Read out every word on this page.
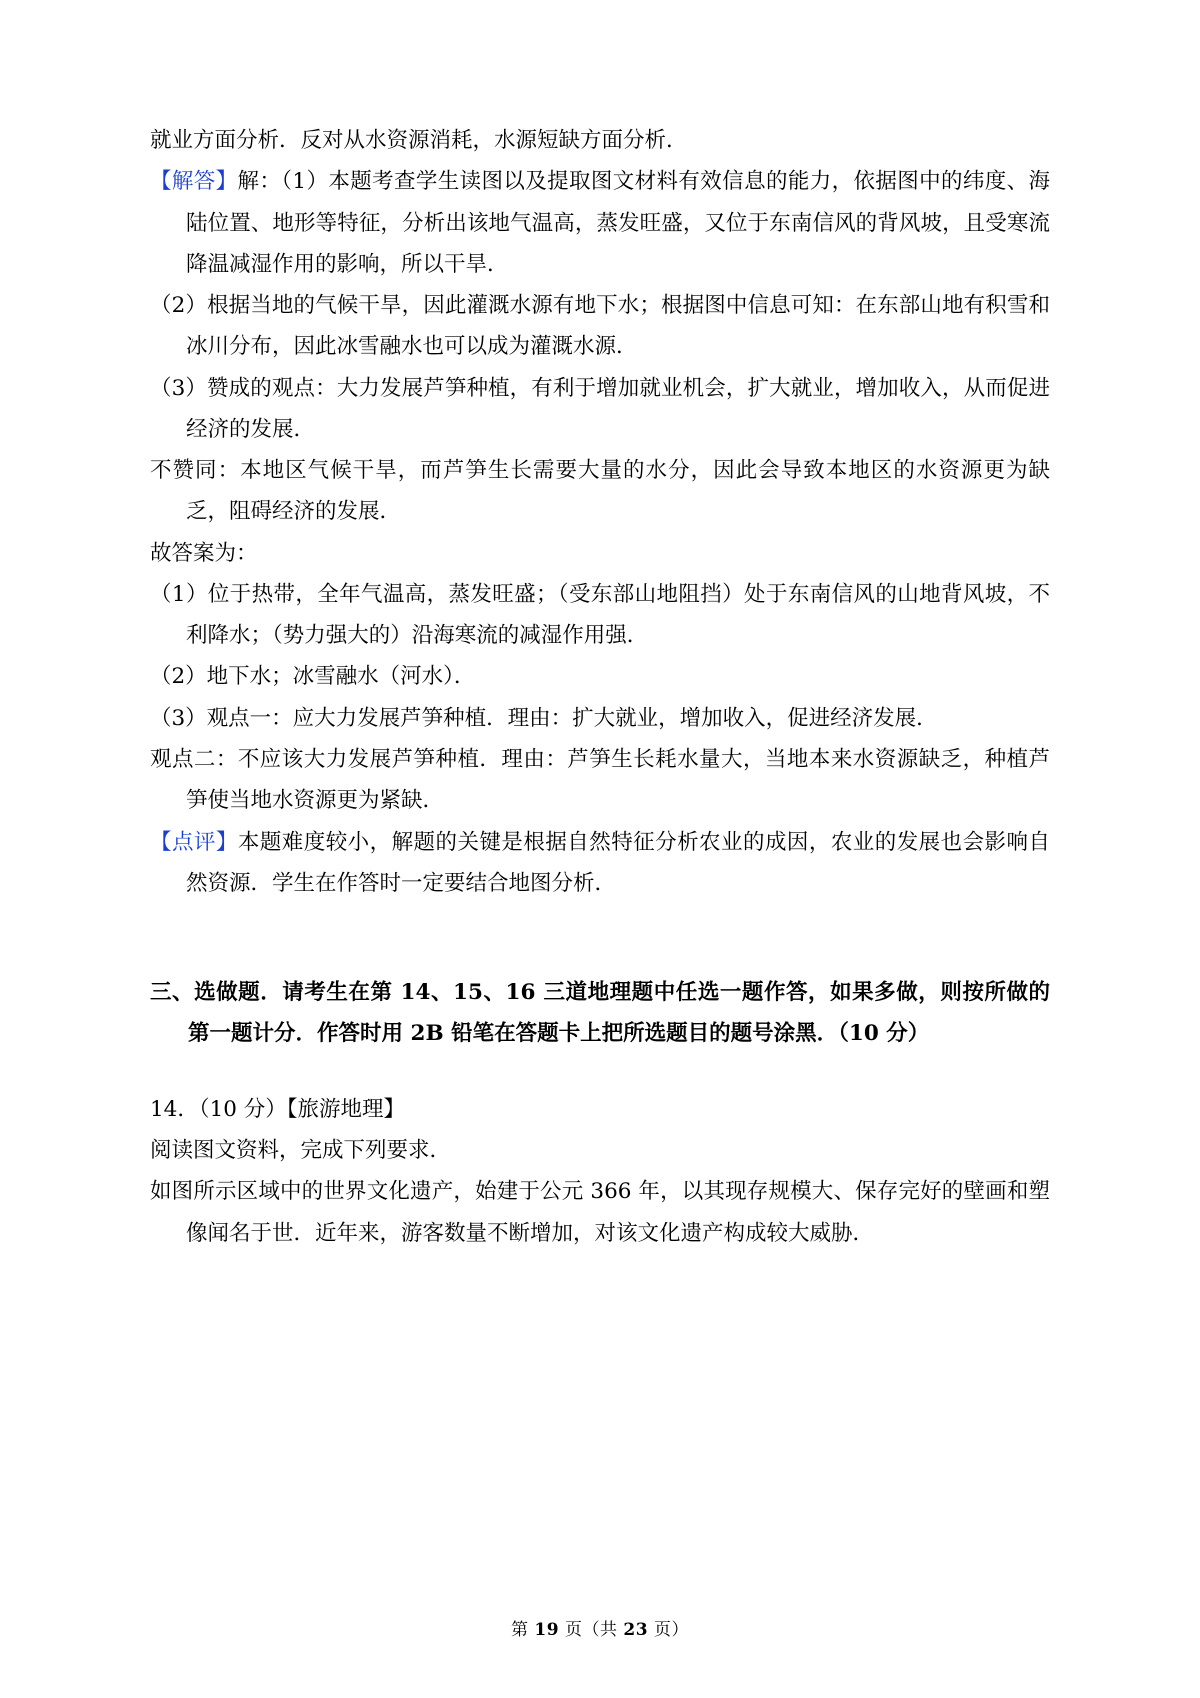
就业方面分析．反对从水资源消耗，水源短缺方面分析．

【解答】解：（1）本题考查学生读图以及提取图文材料有效信息的能力，依据图中的纬度、海陆位置、地形等特征，分析出该地气温高，蒸发旺盛，又位于东南信风的背风坡，且受寒流降温减湿作用的影响，所以干旱．

（2）根据当地的气候干旱，因此灌溉水源有地下水；根据图中信息可知：在东部山地有积雪和冰川分布，因此冰雪融水也可以成为灌溉水源．

（3）赞成的观点：大力发展芦笋种植，有利于增加就业机会，扩大就业，增加收入，从而促进经济的发展．

不赞同：本地区气候干旱，而芦笋生长需要大量的水分，因此会导致本地区的水资源更为缺乏，阻碍经济的发展．

故答案为：

（1）位于热带，全年气温高，蒸发旺盛；（受东部山地阻挡）处于东南信风的山地背风坡，不利降水；（势力强大的）沿海寒流的减湿作用强．

（2）地下水；冰雪融水（河水）．

（3）观点一：应大力发展芦笋种植．理由：扩大就业，增加收入，促进经济发展．

观点二：不应该大力发展芦笋种植．理由：芦笋生长耗水量大，当地本来水资源缺乏，种植芦笋使当地水资源更为紧缺．

【点评】本题难度较小，解题的关键是根据自然特征分析农业的成因，农业的发展也会影响自然资源．学生在作答时一定要结合地图分析．

三、选做题．请考生在第 14、15、16 三道地理题中任选一题作答，如果多做，则按所做的第一题计分．作答时用 2B 铅笔在答题卡上把所选题目的题号涂黑．（10 分）

14．（10 分）【旅游地理】

阅读图文资料，完成下列要求．

如图所示区域中的世界文化遗产，始建于公元 366 年，以其现存规模大、保存完好的壁画和塑像闻名于世．近年来，游客数量不断增加，对该文化遗产构成较大威胁．

第 19 页（共 23 页）
